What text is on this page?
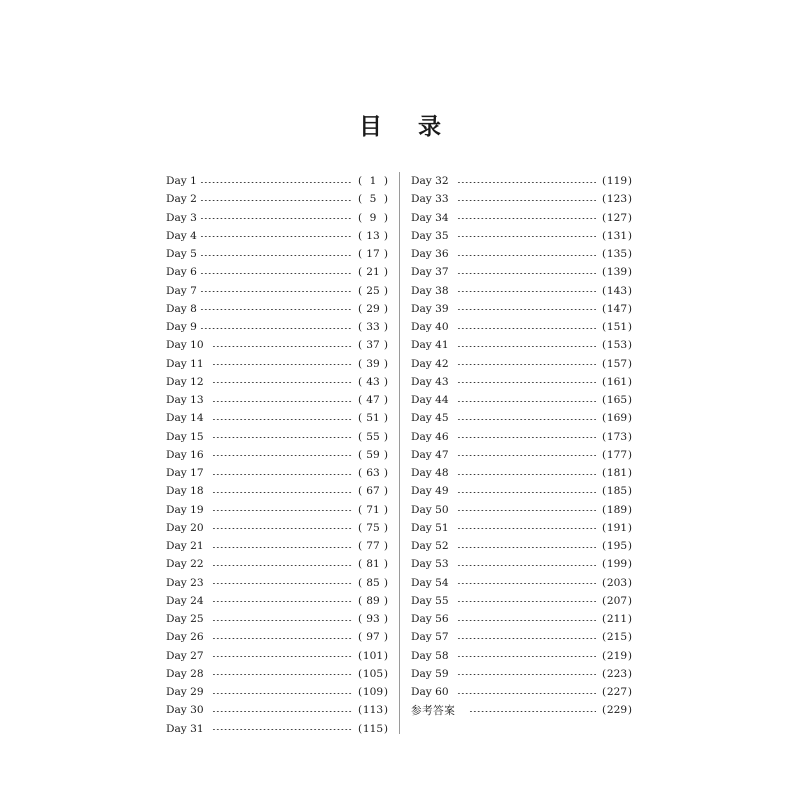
目 录
Day 1	( 1 )
Day 2	( 5 )
Day 3	( 9 )
Day 4	( 13 )
Day 5	( 17 )
Day 6	( 21 )
Day 7	( 25 )
Day 8	( 29 )
Day 9	( 33 )
Day 10	( 37 )
Day 11	( 39 )
Day 12	( 43 )
Day 13	( 47 )
Day 14	( 51 )
Day 15	( 55 )
Day 16	( 59 )
Day 17	( 63 )
Day 18	( 67 )
Day 19	( 71 )
Day 20	( 75 )
Day 21	( 77 )
Day 22	( 81 )
Day 23	( 85 )
Day 24	( 89 )
Day 25	( 93 )
Day 26	( 97 )
Day 27	( 101 )
Day 28	( 105 )
Day 29	( 109 )
Day 30	( 113 )
Day 31	( 115 )
Day 32	( 119 )
Day 33	( 123 )
Day 34	( 127 )
Day 35	( 131 )
Day 36	( 135 )
Day 37	( 139 )
Day 38	( 143 )
Day 39	( 147 )
Day 40	( 151 )
Day 41	( 153 )
Day 42	( 157 )
Day 43	( 161 )
Day 44	( 165 )
Day 45	( 169 )
Day 46	( 173 )
Day 47	( 177 )
Day 48	( 181 )
Day 49	( 185 )
Day 50	( 189 )
Day 51	( 191 )
Day 52	( 195 )
Day 53	( 199 )
Day 54	( 203 )
Day 55	( 207 )
Day 56	( 211 )
Day 57	( 215 )
Day 58	( 219 )
Day 59	( 223 )
Day 60	( 227 )
参考答案	( 229 )
